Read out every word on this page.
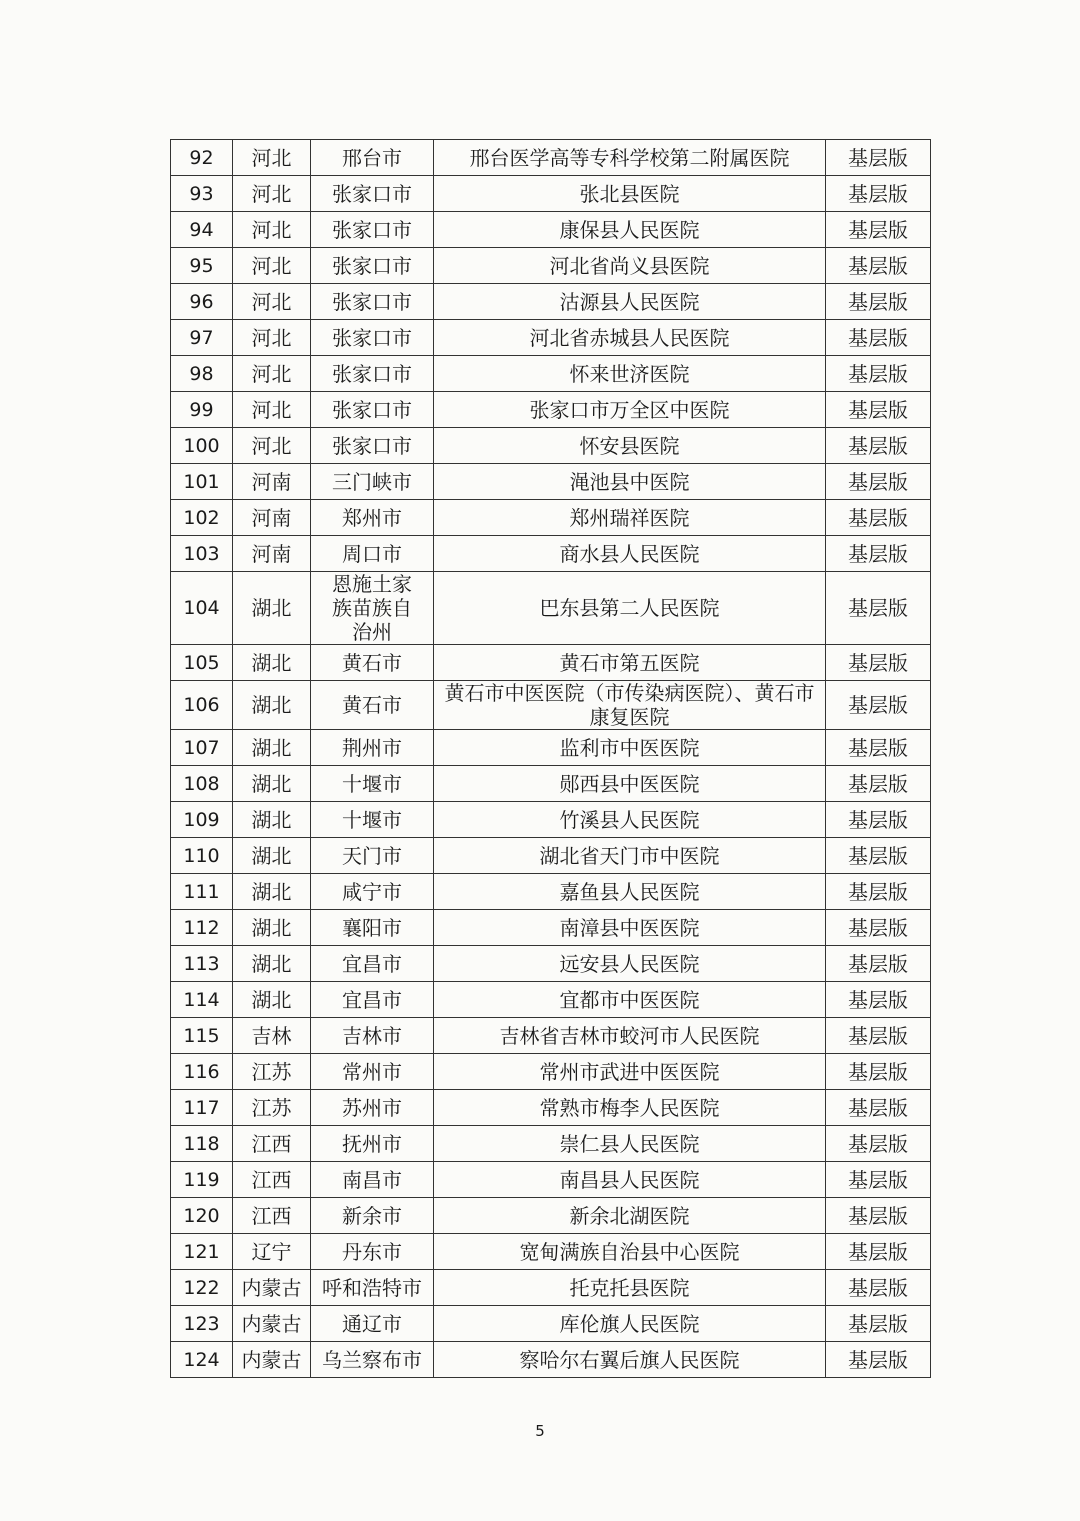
92	河北	邢台市	邢台医学高等专科学校第二附属医院	基层版
93	河北	张家口市	张北县医院	基层版
94	河北	张家口市	康保县人民医院	基层版
95	河北	张家口市	河北省尚义县医院	基层版
96	河北	张家口市	沽源县人民医院	基层版
97	河北	张家口市	河北省赤城县人民医院	基层版
98	河北	张家口市	怀来世济医院	基层版
99	河北	张家口市	张家口市万全区中医院	基层版
100	河北	张家口市	怀安县医院	基层版
101	河南	三门峡市	渑池县中医院	基层版
102	河南	郑州市	郑州瑞祥医院	基层版
103	河南	周口市	商水县人民医院	基层版
104	湖北	恩施土家族苗族自治州	巴东县第二人民医院	基层版
105	湖北	黄石市	黄石市第五医院	基层版
106	湖北	黄石市	黄石市中医医院（市传染病医院）、黄石市康复医院	基层版
107	湖北	荆州市	监利市中医医院	基层版
108	湖北	十堰市	郧西县中医医院	基层版
109	湖北	十堰市	竹溪县人民医院	基层版
110	湖北	天门市	湖北省天门市中医院	基层版
111	湖北	咸宁市	嘉鱼县人民医院	基层版
112	湖北	襄阳市	南漳县中医医院	基层版
113	湖北	宜昌市	远安县人民医院	基层版
114	湖北	宜昌市	宜都市中医医院	基层版
115	吉林	吉林市	吉林省吉林市蛟河市人民医院	基层版
116	江苏	常州市	常州市武进中医医院	基层版
117	江苏	苏州市	常熟市梅李人民医院	基层版
118	江西	抚州市	崇仁县人民医院	基层版
119	江西	南昌市	南昌县人民医院	基层版
120	江西	新余市	新余北湖医院	基层版
121	辽宁	丹东市	宽甸满族自治县中心医院	基层版
122	内蒙古	呼和浩特市	托克托县医院	基层版
123	内蒙古	通辽市	库伦旗人民医院	基层版
124	内蒙古	乌兰察布市	察哈尔右翼后旗人民医院	基层版
5
